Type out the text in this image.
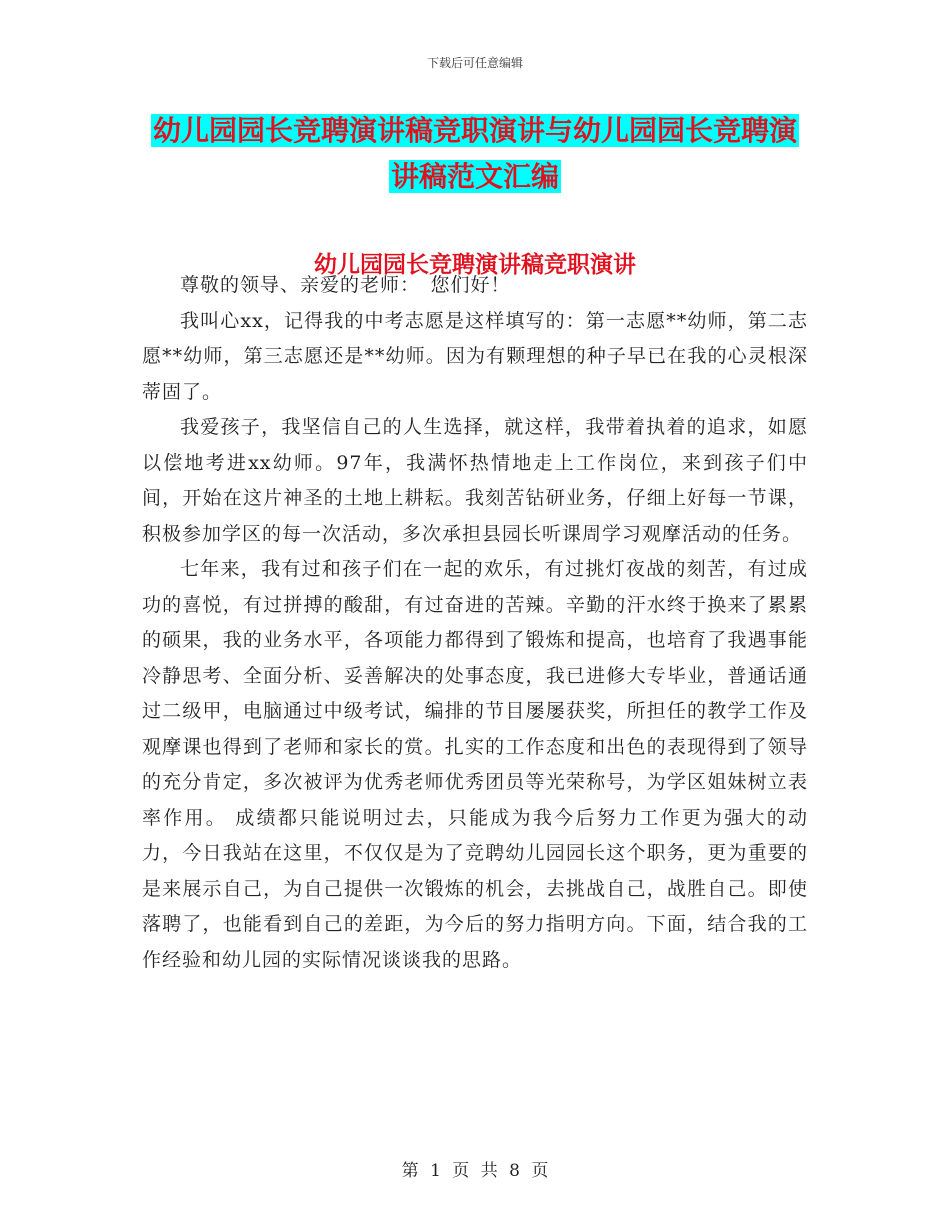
下载后可任意编辑
幼儿园园长竞聘演讲稿竞职演讲与幼儿园园长竞聘演
讲稿范文汇编
幼儿园园长竞聘演讲稿竞职演讲

尊敬的领导、亲爱的老师：　您们好！

我叫心xx，记得我的中考志愿是这样填写的：第一志愿**幼师，第二志愿**幼师，第三志愿还是**幼师。因为有颗理想的种子早已在我的心灵根深蒂固了。

我爱孩子，我坚信自己的人生选择，就这样，我带着执着的追求，如愿以偿地考进xx幼师。97年，我满怀热情地走上工作岗位，来到孩子们中间，开始在这片神圣的土地上耕耘。我刻苦钻研业务，仔细上好每一节课，积极参加学区的每一次活动，多次承担县园长听课周学习观摩活动的任务。

七年来，我有过和孩子们在一起的欢乐，有过挑灯夜战的刻苦，有过成功的喜悦，有过拼搏的酸甜，有过奋进的苦辣。辛勤的汗水终于换来了累累的硕果，我的业务水平，各项能力都得到了锻炼和提高，也培育了我遇事能冷静思考、全面分析、妥善解决的处事态度，我已进修大专毕业，普通话通过二级甲，电脑通过中级考试，编排的节目屡屡获奖，所担任的教学工作及观摩课也得到了老师和家长的赏。扎实的工作态度和出色的表现得到了领导的充分肯定，多次被评为优秀老师优秀团员等光荣称号，为学区姐妹树立表率作用。 成绩都只能说明过去，只能成为我今后努力工作更为强大的动力，今日我站在这里，不仅仅是为了竞聘幼儿园园长这个职务，更为重要的是来展示自己，为自己提供一次锻炼的机会，去挑战自己，战胜自己。即使落聘了，也能看到自己的差距，为今后的努力指明方向。下面，结合我的工作经验和幼儿园的实际情况谈谈我的思路。

第 1 页 共 8 页
